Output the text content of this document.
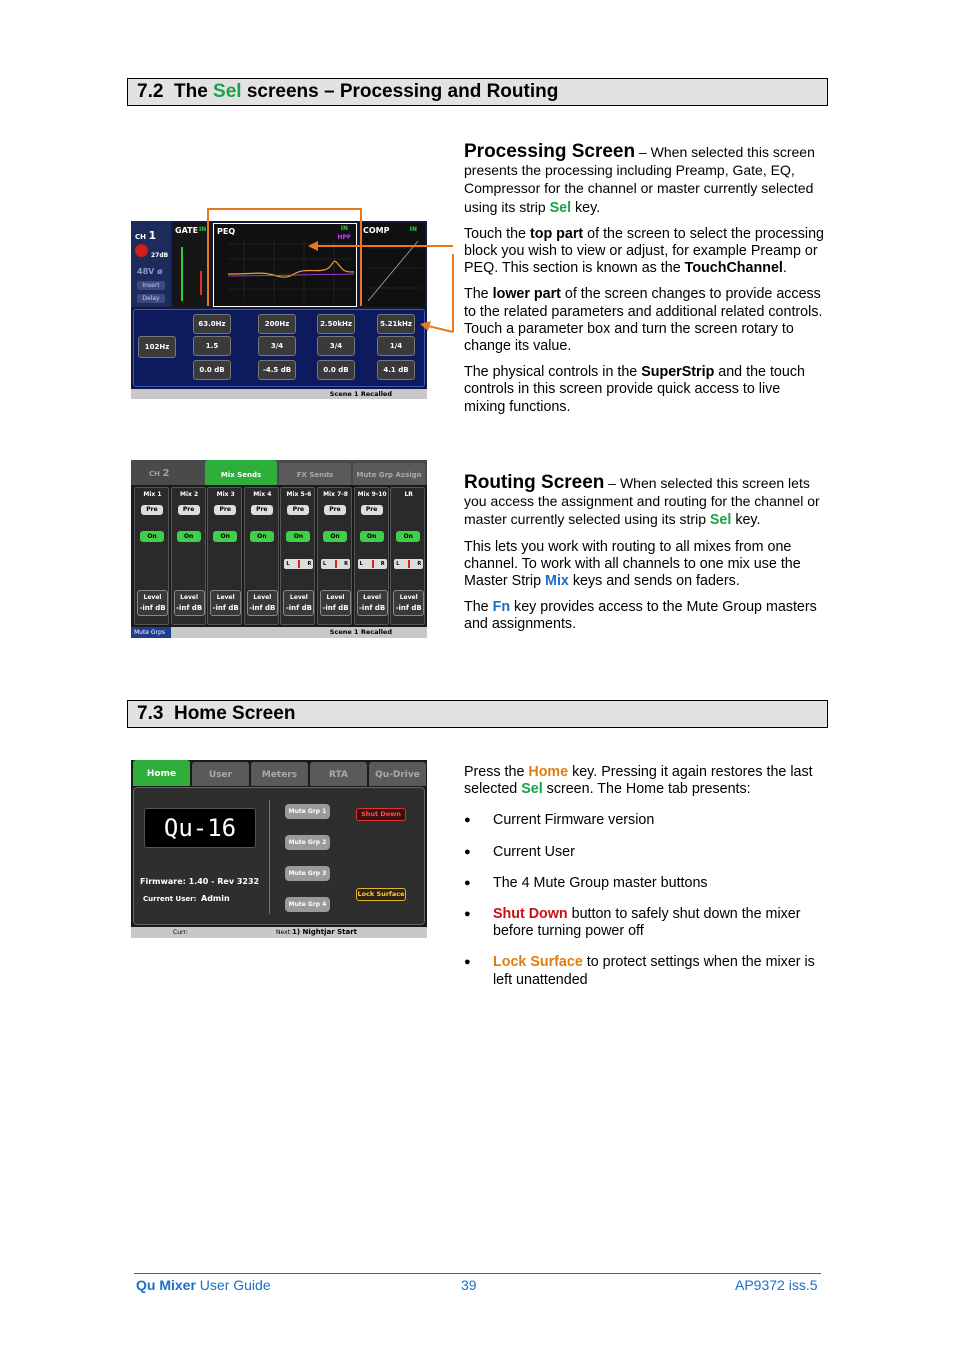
7.2 The Sel screens – Processing and Routing
CH 1
27dB
48V ø
Insert
Delay
GATE IN PEQ	IN
HPF
COMP	IN
102Hz
63.0Hz
1.5
0.0 dB
200Hz
3/4
-4.5 dB
2.50kHz
3/4
0.0 dB
5.21kHz
1/4
4.1 dB
Scene 1 Recalled

Processing Screen – When selected this screen presents the processing including Preamp, Gate, EQ, Compressor for the channel or master currently selected using its strip Sel key.

Touch the top part of the screen to select the processing block you wish to view or adjust, for example Preamp or PEQ. This section is known as the TouchChannel.

The lower part of the screen changes to provide access to the related parameters and additional related controls. Touch a parameter box and turn the screen rotary to change its value.

The physical controls in the SuperStrip and the touch controls in this screen provide quick access to live mixing functions.

CH 2	Mix Sends	FX Sends	Mute Grp Assign
Mix 1
Pre
On
Level
-inf dB
Mix 2
Pre
On
Level
-inf dB
Mix 3
Pre
On
Level
-inf dB
Mix 4
Pre
On
Level
-inf dB
Mix 5-6
Pre
On
L	R
Level
-inf dB
Mix 7-8
Pre
On
L	R
Level
-inf dB
Mix 9-10
Pre
On
L	R
Level
-inf dB
LR
On
L	R
Level
-inf dB
Mute Grps	Scene 1 Recalled

Routing Screen – When selected this screen lets you access the assignment and routing for the channel or master currently selected using its strip Sel key.

This lets you work with routing to all mixes from one channel. To work with all channels to one mix use the Master Strip Mix keys and sends on faders.

The Fn key provides access to the Mute Group masters and assignments.

7.3 Home Screen
Home	User	Meters	RTA	Qu-Drive
Qu-16
Firmware: 1.40 - Rev 3232
Current User: Admin
Mute Grp 1
Mute Grp 2
Mute Grp 3
Mute Grp 4
Shut Down
Lock Surface
Curr:	Next:1) Nightjar Start

Press the Home key. Pressing it again restores the last selected Sel screen. The Home tab presents:

● Current Firmware version
● Current User
● The 4 Mute Group master buttons
● Shut Down button to safely shut down the mixer before turning power off
● Lock Surface to protect settings when the mixer is left unattended
Qu Mixer User Guide	39	AP9372 iss.5
